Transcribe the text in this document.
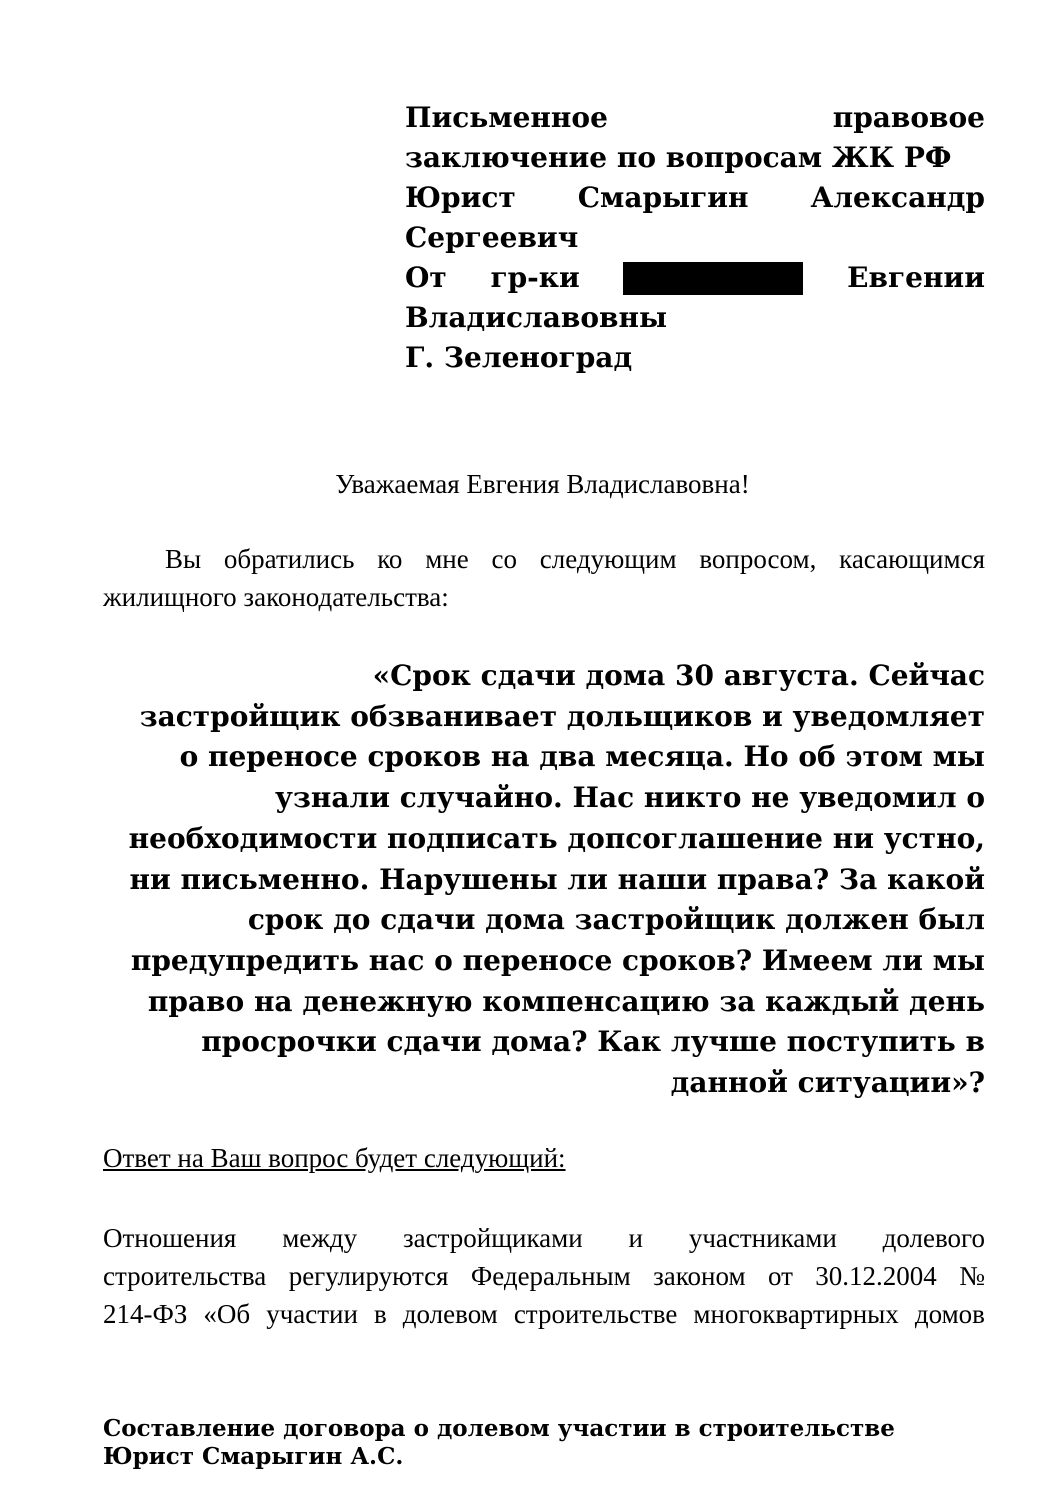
Письменное	правовое
заключение по вопросам ЖК РФ
Юрист Смарыгин Александр
Сергеевич
От гр-ки	Евгении
Владиславовны
Г. Зеленоград
Уважаемая Евгения Владиславовна!
Вы обратились ко мне со следующим вопросом, касающимся
жилищного законодательства:
«Срок сдачи дома 30 августа. Сейчас
застройщик обзванивает дольщиков и уведомляет
о переносе сроков на два месяца. Но об этом мы
узнали случайно. Нас никто не уведомил о
необходимости подписать допсоглашение ни устно,
ни письменно. Нарушены ли наши права? За какой
срок до сдачи дома застройщик должен был
предупредить нас о переносе сроков? Имеем ли мы
право на денежную компенсацию за каждый день
просрочки сдачи дома? Как лучше поступить в
данной ситуации»?
Ответ на Ваш вопрос будет следующий:
Отношения между застройщиками и участниками долевого
строительства регулируются Федеральным законом от 30.12.2004 №
214-ФЗ «Об участии в долевом строительстве многоквартирных домов
Составление договора о долевом участии в строительстве
Юрист Смарыгин А.С.
